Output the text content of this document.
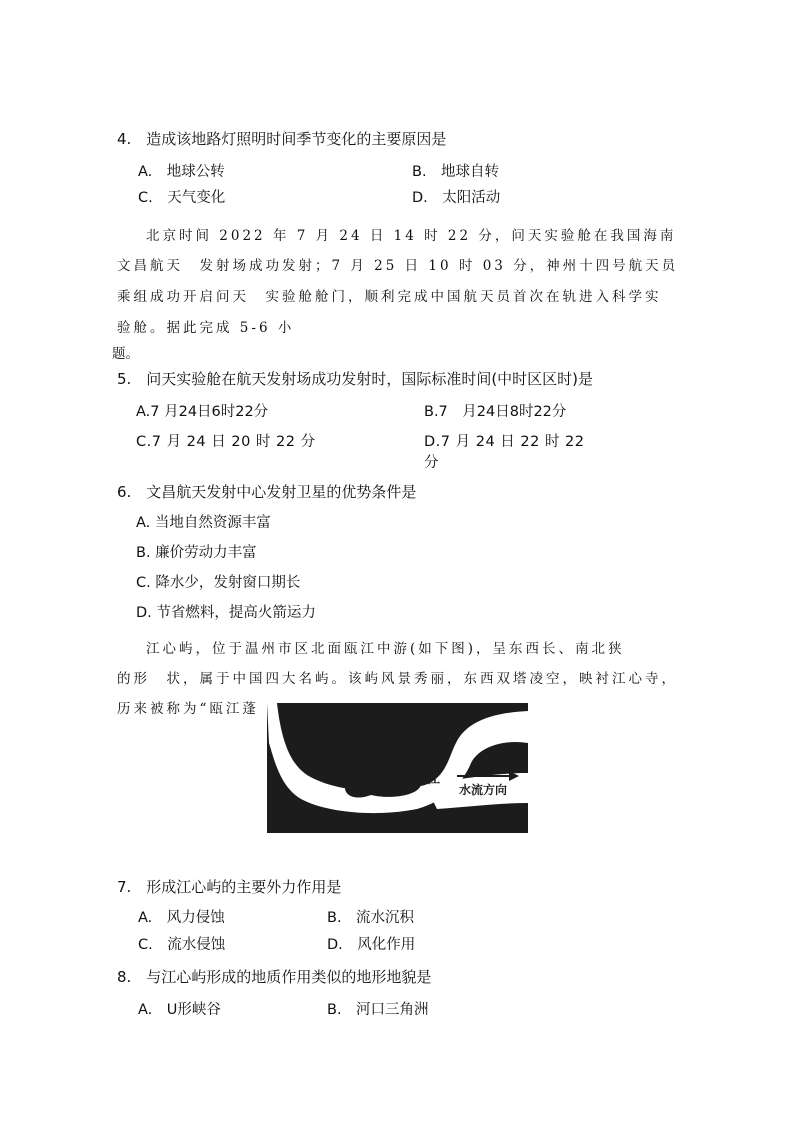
4.　造成该地路灯照明时间季节变化的主要原因是
A.　地球公转	B.　地球自转
C.　天气变化	D.　太阳活动
北京时间 2022 年 7 月 24 日 14 时 22 分，问天实验舱在我国海南
文昌航天　发射场成功发射；7 月 25 日 10 时 03 分，神州十四号航天员
乘组成功开启问天　实验舱舱门，顺利完成中国航天员首次在轨进入科学实
验舱。据此完成 5-6 小
题。
5.　问天实验舱在航天发射场成功发射时，国际标准时间(中时区区时)是
A.7 月24日6时22分	B.7　月24日8时22分
C.7 月 24 日 20 时 22 分	D.7 月 24 日 22 时 22
分
6.　文昌航天发射中心发射卫星的优势条件是
A. 当地自然资源丰富
B. 廉价劳动力丰富
C. 降水少，发射窗口期长
D. 节省燃料，提高火箭运力
江心屿，位于温州市区北面瓯江中游(如下图)，呈东西长、南北狭
的形　状，属于中国四大名屿。该屿风景秀丽，东西双塔凌空，映衬江心寺，
历来被称为“瓯江蓬
瓯
江
水流方向
7.　形成江心屿的主要外力作用是
A.　风力侵蚀	B.　流水沉积
C.　流水侵蚀	D.　风化作用
8.　与江心屿形成的地质作用类似的地形地貌是
A.　U形峡谷	B.　河口三角洲
